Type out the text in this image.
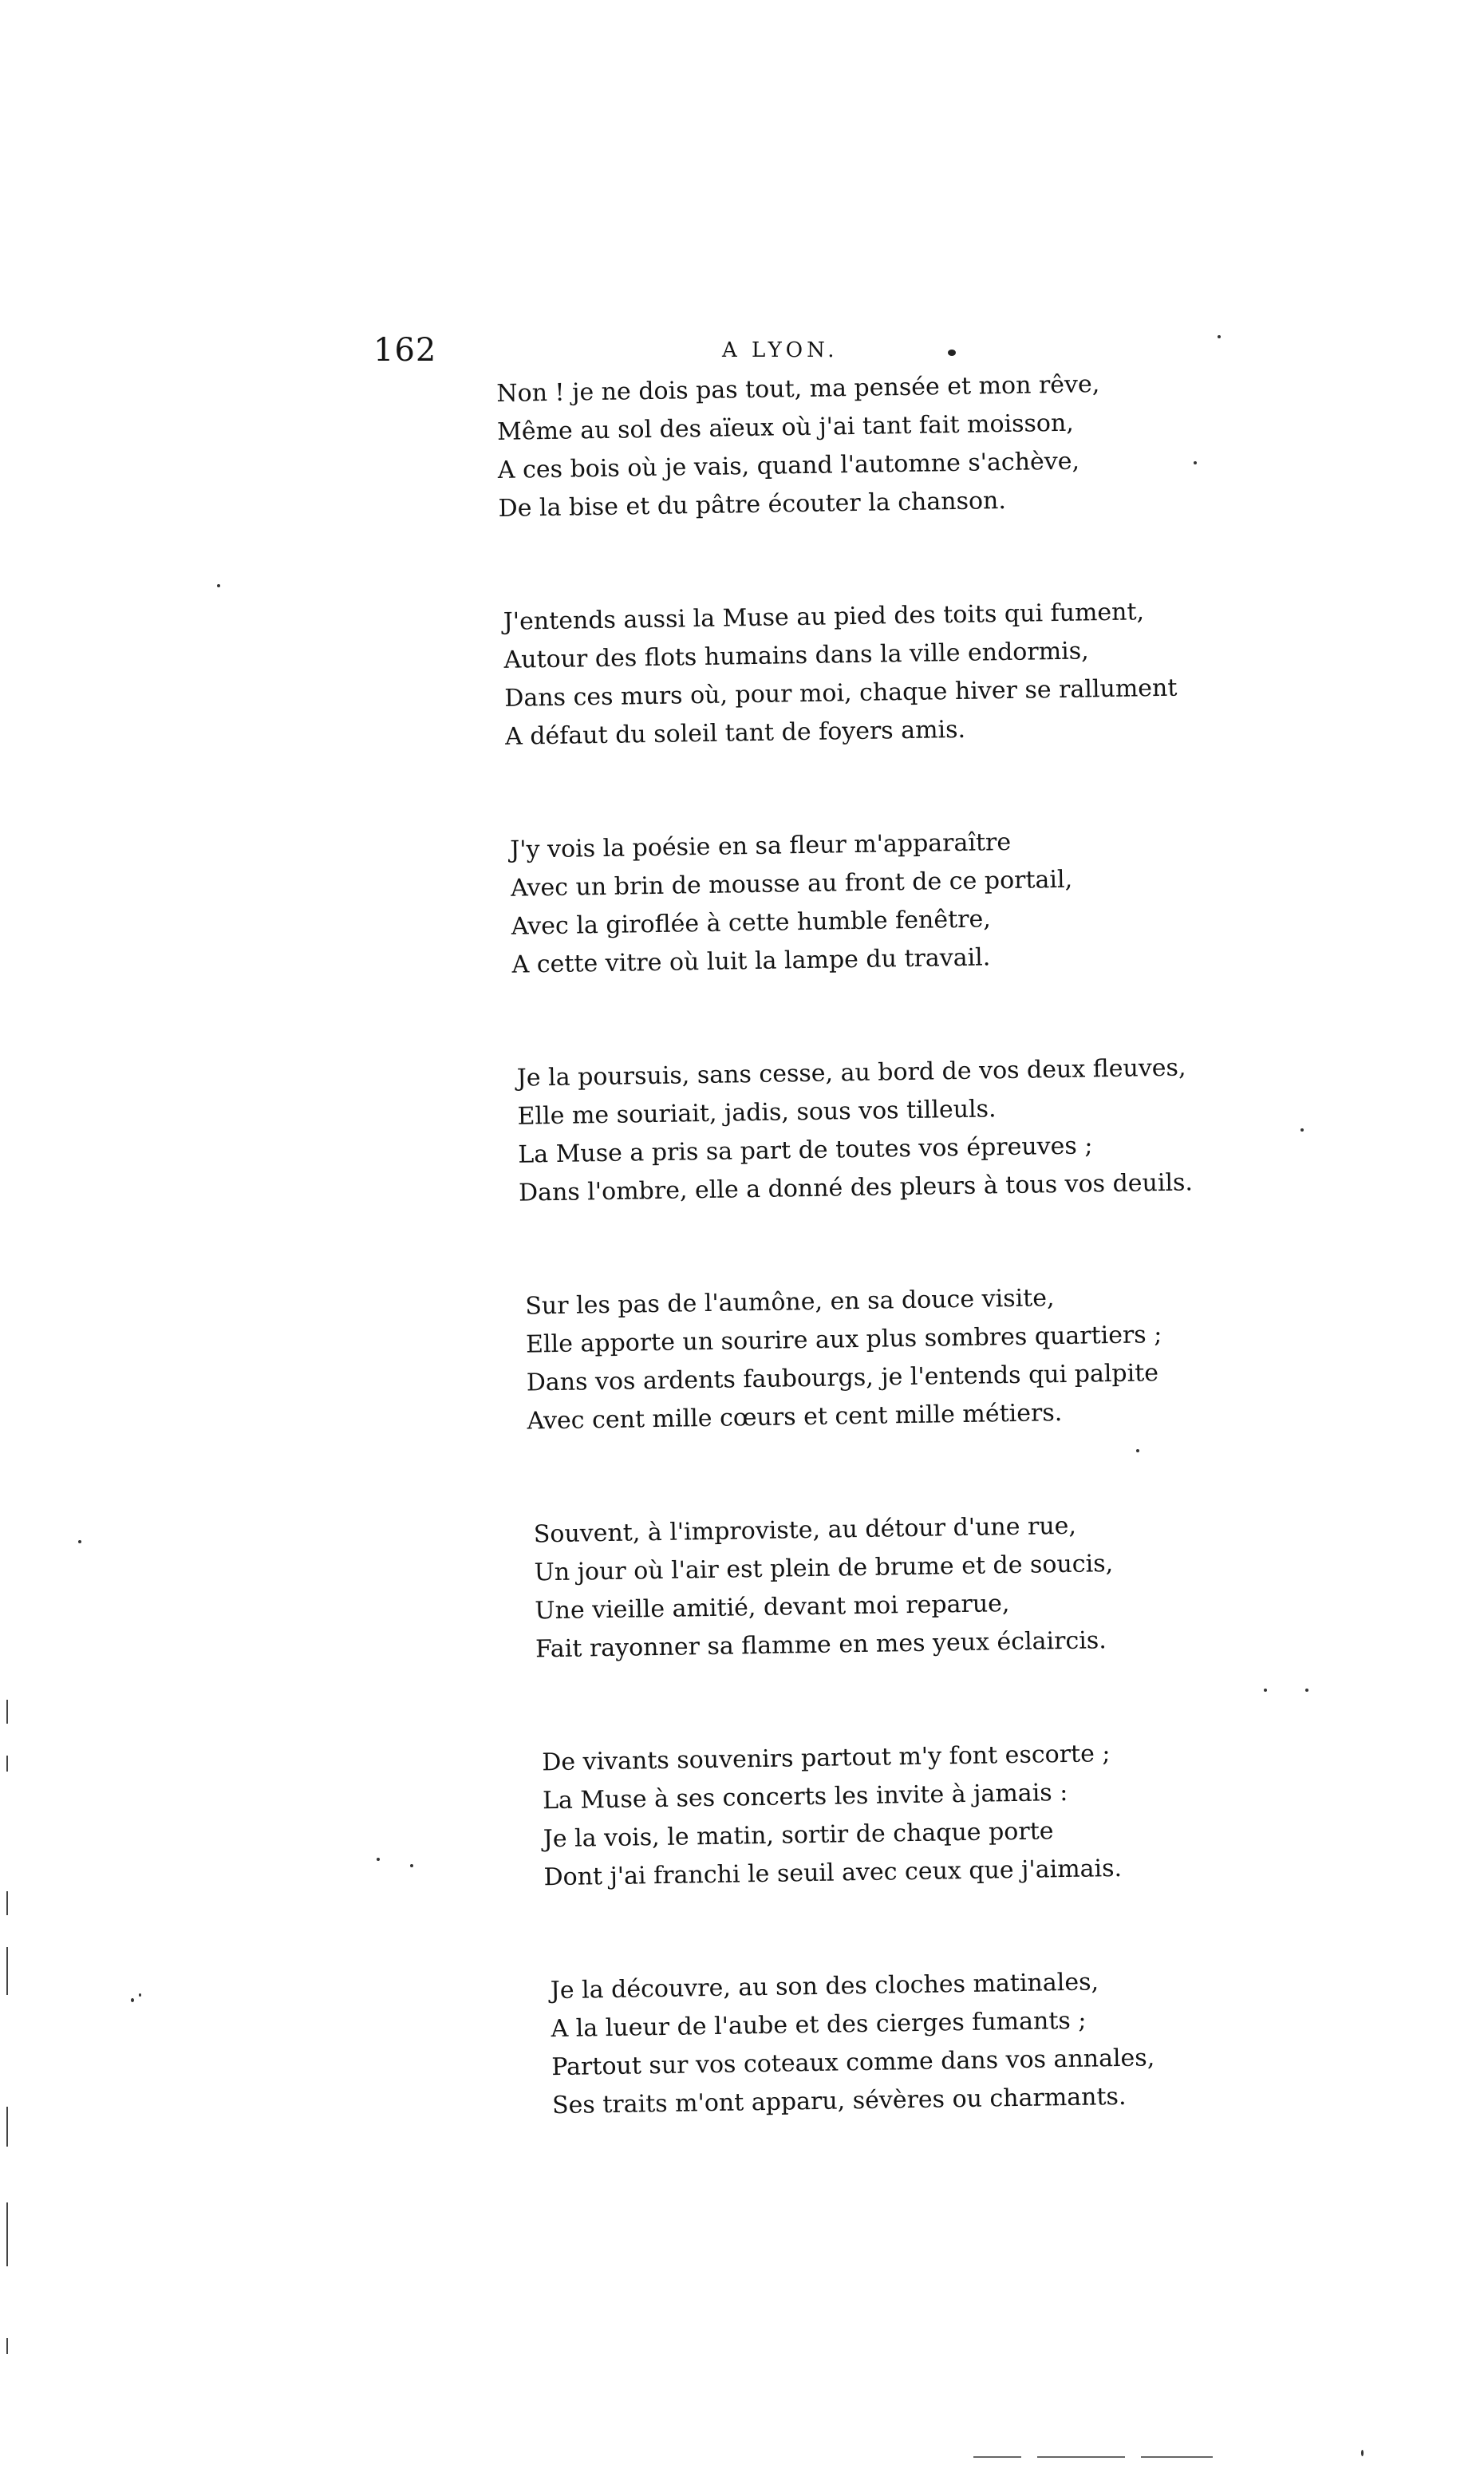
162	A LYON.
Non ! je ne dois pas tout, ma pensée et mon rêve,
Même au sol des aïeux où j'ai tant fait moisson,
A ces bois où je vais, quand l'automne s'achève,
De la bise et du pâtre écouter la chanson.
J'entends aussi la Muse au pied des toits qui fument,
Autour des flots humains dans la ville endormis,
Dans ces murs où, pour moi, chaque hiver se rallument
A défaut du soleil tant de foyers amis.
J'y vois la poésie en sa fleur m'apparaître
Avec un brin de mousse au front de ce portail,
Avec la giroflée à cette humble fenêtre,
A cette vitre où luit la lampe du travail.
Je la poursuis, sans cesse, au bord de vos deux fleuves,
Elle me souriait, jadis, sous vos tilleuls.
La Muse a pris sa part de toutes vos épreuves ;
Dans l'ombre, elle a donné des pleurs à tous vos deuils.
Sur les pas de l'aumône, en sa douce visite,
Elle apporte un sourire aux plus sombres quartiers ;
Dans vos ardents faubourgs, je l'entends qui palpite
Avec cent mille cœurs et cent mille métiers.
Souvent, à l'improviste, au détour d'une rue,
Un jour où l'air est plein de brume et de soucis,
Une vieille amitié, devant moi reparue,
Fait rayonner sa flamme en mes yeux éclaircis.
De vivants souvenirs partout m'y font escorte ;
La Muse à ses concerts les invite à jamais :
Je la vois, le matin, sortir de chaque porte
Dont j'ai franchi le seuil avec ceux que j'aimais.
Je la découvre, au son des cloches matinales,
A la lueur de l'aube et des cierges fumants ;
Partout sur vos coteaux comme dans vos annales,
Ses traits m'ont apparu, sévères ou charmants.
